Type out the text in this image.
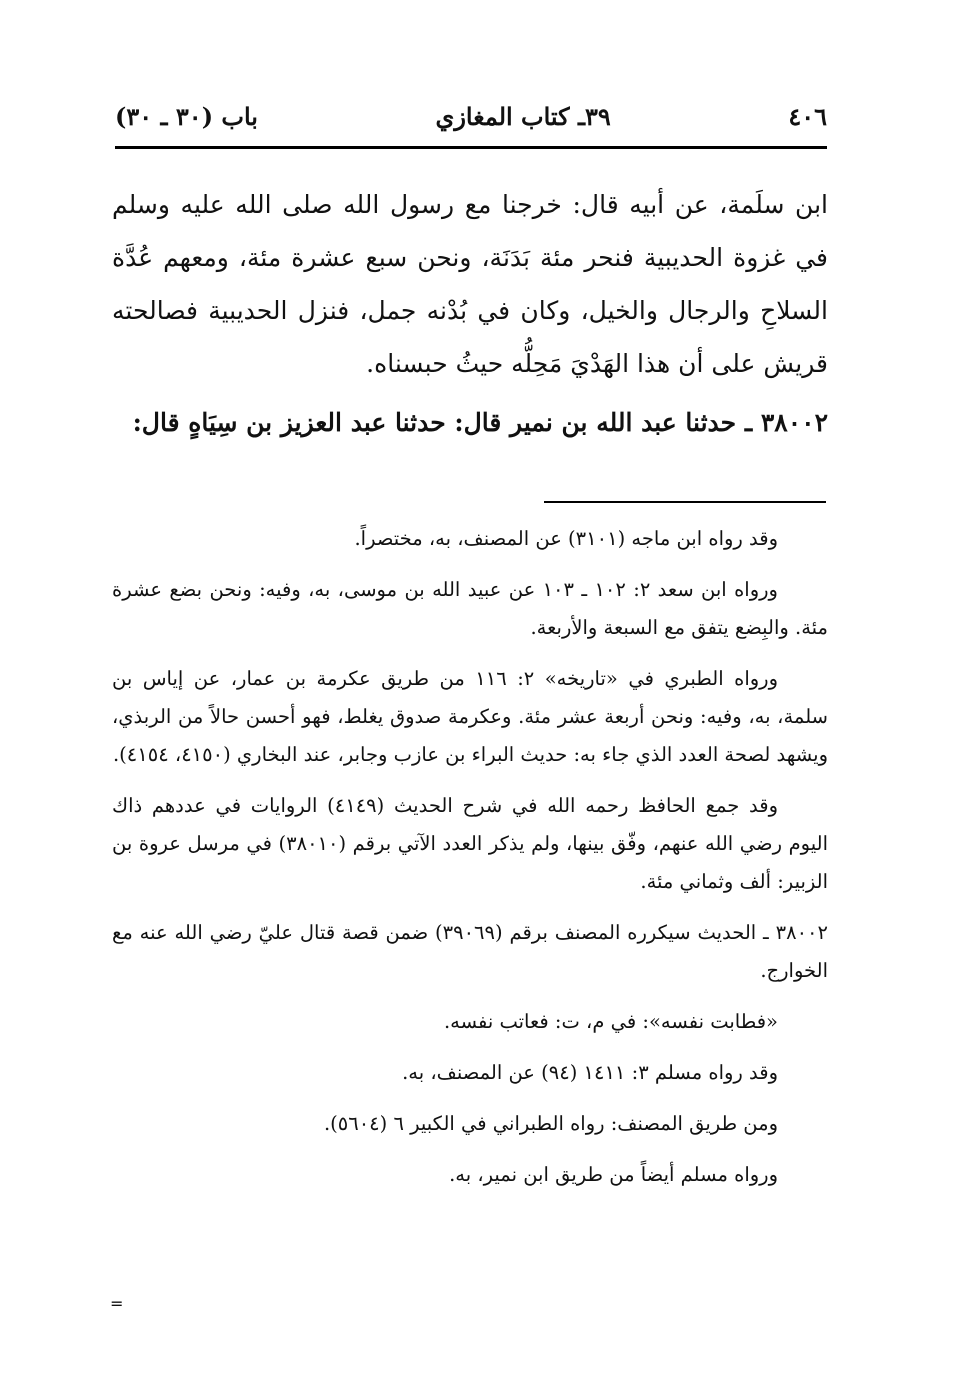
٤٠٦
٣٩ـ كتاب المغازي
باب (٣٠ ـ ٣٠)

ابن سلَمة، عن أبيه قال: خرجنا مع رسول الله صلى الله عليه وسلم في غزوة الحديبية فنحر مئة بَدَنَة، ونحن سبع عشرة مئة، ومعهم عُدَّة السلاحِ والرجال والخيل، وكان في بُدْنه جمل، فنزل الحديبية فصالحته قريش على أن هذا الهَدْيَ مَحِلُّه حيثُ حبسناه.

٣٨٠٠٢ ـ حدثنا عبد الله بن نمير قال: حدثنا عبد العزيز بن سِيَاهٍ قال:

وقد رواه ابن ماجه (٣١٠١) عن المصنف، به، مختصراً.

ورواه ابن سعد ٢: ١٠٢ ـ ١٠٣ عن عبيد الله بن موسى، به، وفيه: ونحن بضع عشرة مئة. والبِضع يتفق مع السبعة والأربعة.

ورواه الطبري في «تاريخه» ٢: ١١٦ من طريق عكرمة بن عمار، عن إياس بن سلمة، به، وفيه: ونحن أربعة عشر مئة. وعكرمة صدوق يغلط، فهو أحسن حالاً من الربذي، ويشهد لصحة العدد الذي جاء به: حديث البراء بن عازب وجابر، عند البخاري (٤١٥٠، ٤١٥٤).

وقد جمع الحافظ رحمه الله في شرح الحديث (٤١٤٩) الروايات في عددهم ذاك اليوم رضي الله عنهم، وفّق بينها، ولم يذكر العدد الآتي برقم (٣٨٠١٠) في مرسل عروة بن الزبير: ألف وثماني مئة.

٣٨٠٠٢ ـ الحديث سيكرره المصنف برقم (٣٩٠٦٩) ضمن قصة قتال عليّ رضي الله عنه مع الخوارج.

«فطابت نفسه»: في م، ت: فعاتب نفسه.

وقد رواه مسلم ٣: ١٤١١ (٩٤) عن المصنف، به.

ومن طريق المصنف: رواه الطبراني في الكبير ٦ (٥٦٠٤).

ورواه مسلم أيضاً من طريق ابن نمير، به.

=
